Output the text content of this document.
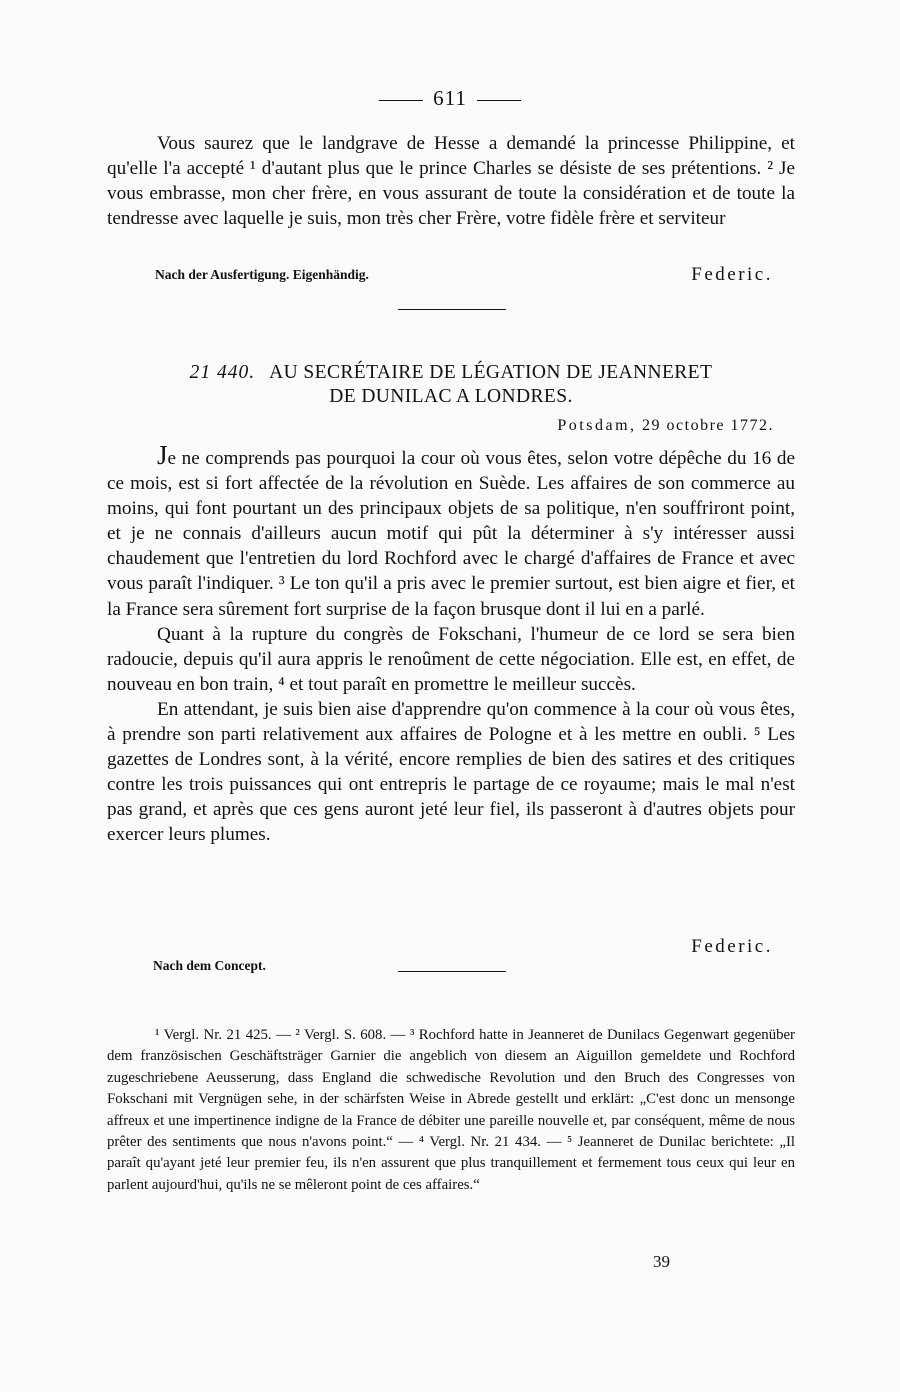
611

Vous saurez que le landgrave de Hesse a demandé la princesse Philippine, et qu'elle l'a accepté ¹ d'autant plus que le prince Charles se désiste de ses prétentions. ² Je vous embrasse, mon cher frère, en vous assurant de toute la considération et de toute la tendresse avec laquelle je suis, mon très cher Frère, votre fidèle frère et serviteur

Nach der Ausfertigung. Eigenhändig.	Federic.
21 440. AU SECRÉTAIRE DE LÉGATION DE JEANNERET
DE DUNILAC A LONDRES.
Potsdam, 29 octobre 1772.

Je ne comprends pas pourquoi la cour où vous êtes, selon votre dépêche du 16 de ce mois, est si fort affectée de la révolution en Suède. Les affaires de son commerce au moins, qui font pourtant un des principaux objets de sa politique, n'en souffriront point, et je ne connais d'ailleurs aucun motif qui pût la déterminer à s'y intéresser aussi chaudement que l'entretien du lord Rochford avec le chargé d'affaires de France et avec vous paraît l'indiquer. ³ Le ton qu'il a pris avec le premier surtout, est bien aigre et fier, et la France sera sûrement fort surprise de la façon brusque dont il lui en a parlé.

Quant à la rupture du congrès de Fokschani, l'humeur de ce lord se sera bien radoucie, depuis qu'il aura appris le renoûment de cette négociation. Elle est, en effet, de nouveau en bon train, ⁴ et tout paraît en promettre le meilleur succès.

En attendant, je suis bien aise d'apprendre qu'on commence à la cour où vous êtes, à prendre son parti relativement aux affaires de Pologne et à les mettre en oubli. ⁵ Les gazettes de Londres sont, à la vérité, encore remplies de bien des satires et des critiques contre les trois puissances qui ont entrepris le partage de ce royaume; mais le mal n'est pas grand, et après que ces gens auront jeté leur fiel, ils passeront à d'autres objets pour exercer leurs plumes.

Nach dem Concept.
Federic.

¹ Vergl. Nr. 21 425. — ² Vergl. S. 608. — ³ Rochford hatte in Jeanneret de Dunilacs Gegenwart gegenüber dem französischen Geschäftsträger Garnier die angeblich von diesem an Aiguillon gemeldete und Rochford zugeschriebene Aeusserung, dass England die schwedische Revolution und den Bruch des Congresses von Fokschani mit Vergnügen sehe, in der schärfsten Weise in Abrede gestellt und erklärt: „C'est donc un mensonge affreux et une impertinence indigne de la France de débiter une pareille nouvelle et, par conséquent, même de nous prêter des sentiments que nous n'avons point.“ — ⁴ Vergl. Nr. 21 434. — ⁵ Jeanneret de Dunilac berichtete: „Il paraît qu'ayant jeté leur premier feu, ils n'en assurent que plus tranquillement et fermement tous ceux qui leur en parlent aujourd'hui, qu'ils ne se mêleront point de ces affaires.“

39
